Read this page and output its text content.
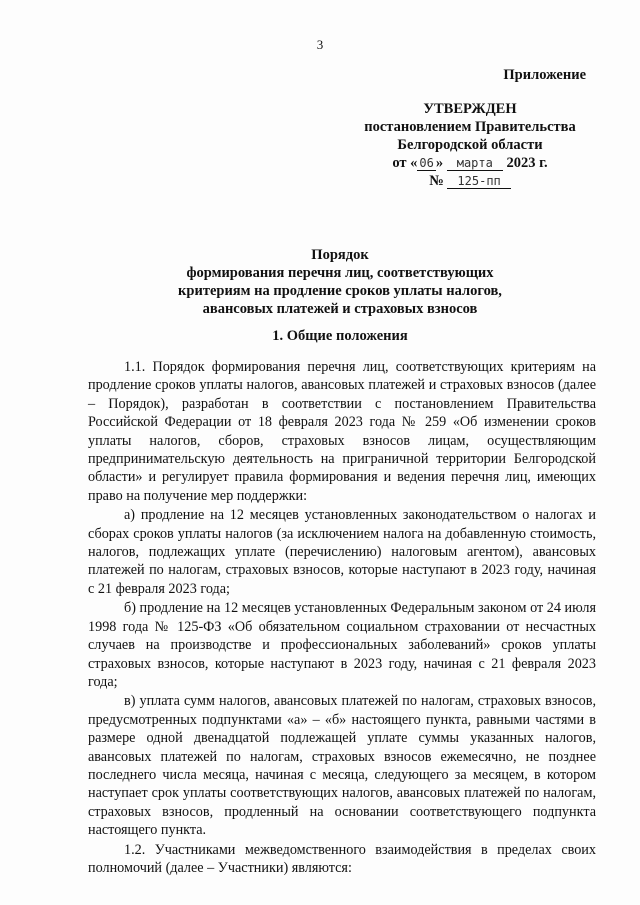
3
Приложение
УТВЕРЖДЕН
постановлением Правительства
Белгородской области
от « 06 » марта 2023 г.
№ 125-пп
Порядок
формирования перечня лиц, соответствующих
критериям на продление сроков уплаты налогов,
авансовых платежей и страховых взносов
1. Общие положения

1.1. Порядок формирования перечня лиц, соответствующих критериям на продление сроков уплаты налогов, авансовых платежей и страховых взносов (далее – Порядок), разработан в соответствии с постановлением Правительства Российской Федерации от 18 февраля 2023 года № 259 «Об изменении сроков уплаты налогов, сборов, страховых взносов лицам, осуществляющим предпринимательскую деятельность на приграничной территории Белгородской области» и регулирует правила формирования и ведения перечня лиц, имеющих право на получение мер поддержки:

а) продление на 12 месяцев установленных законодательством о налогах и сборах сроков уплаты налогов (за исключением налога на добавленную стоимость, налогов, подлежащих уплате (перечислению) налоговым агентом), авансовых платежей по налогам, страховых взносов, которые наступают в 2023 году, начиная с 21 февраля 2023 года;

б) продление на 12 месяцев установленных Федеральным законом от 24 июля 1998 года № 125-ФЗ «Об обязательном социальном страховании от несчастных случаев на производстве и профессиональных заболеваний» сроков уплаты страховых взносов, которые наступают в 2023 году, начиная с 21 февраля 2023 года;

в) уплата сумм налогов, авансовых платежей по налогам, страховых взносов, предусмотренных подпунктами «а» – «б» настоящего пункта, равными частями в размере одной двенадцатой подлежащей уплате суммы указанных налогов, авансовых платежей по налогам, страховых взносов ежемесячно, не позднее последнего числа месяца, начиная с месяца, следующего за месяцем, в котором наступает срок уплаты соответствующих налогов, авансовых платежей по налогам, страховых взносов, продленный на основании соответствующего подпункта настоящего пункта.

1.2. Участниками межведомственного взаимодействия в пределах своих полномочий (далее – Участники) являются:
